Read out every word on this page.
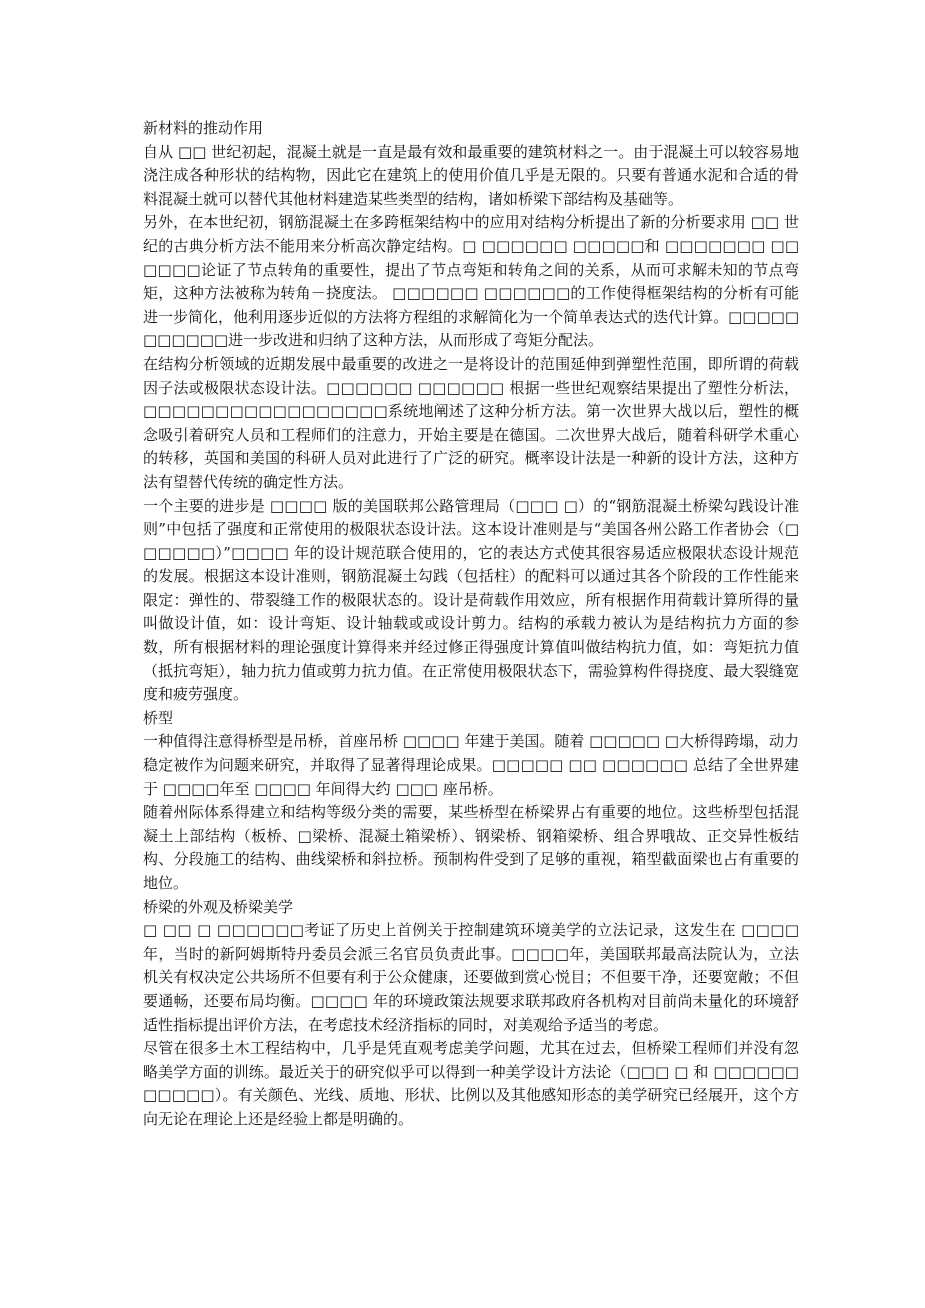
新材料的推动作用

自从 □□ 世纪初起，混凝土就是一直是最有效和最重要的建筑材料之一。由于混凝土可以较容易地浇注成各种形状的结构物，因此它在建筑上的使用价值几乎是无限的。只要有普通水泥和合适的骨料混凝土就可以替代其他材料建造某些类型的结构，诸如桥梁下部结构及基础等。

另外，在本世纪初，钢筋混凝土在多跨框架结构中的应用对结构分析提出了新的分析要求用 □□ 世纪的古典分析方法不能用来分析高次静定结构。□ □□□□□□ □□□□□和 □□□□□□□ □□□□□□论证了节点转角的重要性，提出了节点弯矩和转角之间的关系，从而可求解未知的节点弯矩，这种方法被称为转角－挠度法。 □□□□□□ □□□□□□的工作使得框架结构的分析有可能进一步简化，他利用逐步近似的方法将方程组的求解简化为一个简单表达式的迭代计算。□□□□□ □□□□□□进一步改进和归纳了这种方法，从而形成了弯矩分配法。

在结构分析领域的近期发展中最重要的改进之一是将设计的范围延伸到弹塑性范围，即所谓的荷载因子法或极限状态设计法。□□□□□□ □□□□□□ 根据一些世纪观察结果提出了塑性分析法，□□□□□□□□□□□□□□□□□系统地阐述了这种分析方法。第一次世界大战以后，塑性的概念吸引着研究人员和工程师们的注意力，开始主要是在德国。二次世界大战后，随着科研学术重心的转移，英国和美国的科研人员对此进行了广泛的研究。概率设计法是一种新的设计方法，这种方法有望替代传统的确定性方法。

一个主要的进步是 □□□□ 版的美国联邦公路管理局（□□□ □）的“钢筋混凝土桥梁勾践设计准则”中包括了强度和正常使用的极限状态设计法。这本设计准则是与“美国各州公路工作者协会（□□□□□□）”□□□□ 年的设计规范联合使用的，它的表达方式使其很容易适应极限状态设计规范的发展。根据这本设计准则，钢筋混凝土勾践（包括柱）的配料可以通过其各个阶段的工作性能来限定：弹性的、带裂缝工作的极限状态的。设计是荷载作用效应，所有根据作用荷载计算所得的量叫做设计值，如：设计弯矩、设计轴载或或设计剪力。结构的承载力被认为是结构抗力方面的参数，所有根据材料的理论强度计算得来并经过修正得强度计算值叫做结构抗力值，如：弯矩抗力值（抵抗弯矩），轴力抗力值或剪力抗力值。在正常使用极限状态下，需验算构件得挠度、最大裂缝宽度和疲劳强度。

桥型

一种值得注意得桥型是吊桥，首座吊桥 □□□□ 年建于美国。随着 □□□□□ □大桥得跨塌，动力稳定被作为问题来研究，并取得了显著得理论成果。□□□□□ □□ □□□□□□ 总结了全世界建于 □□□□年至 □□□□ 年间得大约 □□□ 座吊桥。

随着州际体系得建立和结构等级分类的需要，某些桥型在桥梁界占有重要的地位。这些桥型包括混凝土上部结构（板桥、□梁桥、混凝土箱梁桥）、钢梁桥、钢箱梁桥、组合界哦故、正交异性板结构、分段施工的结构、曲线梁桥和斜拉桥。预制构件受到了足够的重视，箱型截面梁也占有重要的地位。

桥梁的外观及桥梁美学

□ □□ □ □□□□□□考证了历史上首例关于控制建筑环境美学的立法记录，这发生在 □□□□年，当时的新阿姆斯特丹委员会派三名官员负责此事。□□□□年，美国联邦最高法院认为，立法机关有权决定公共场所不但要有利于公众健康，还要做到赏心悦目；不但要干净，还要宽敞；不但要通畅，还要布局均衡。□□□□ 年的环境政策法规要求联邦政府各机构对目前尚未量化的环境舒适性指标提出评价方法，在考虑技术经济指标的同时，对美观给予适当的考虑。

尽管在很多土木工程结构中，几乎是凭直观考虑美学问题，尤其在过去，但桥梁工程师们并没有忽略美学方面的训练。最近关于的研究似乎可以得到一种美学设计方法论（□□□ □ 和 □□□□□□□□□□□）。有关颜色、光线、质地、形状、比例以及其他感知形态的美学研究已经展开，这个方向无论在理论上还是经验上都是明确的。
